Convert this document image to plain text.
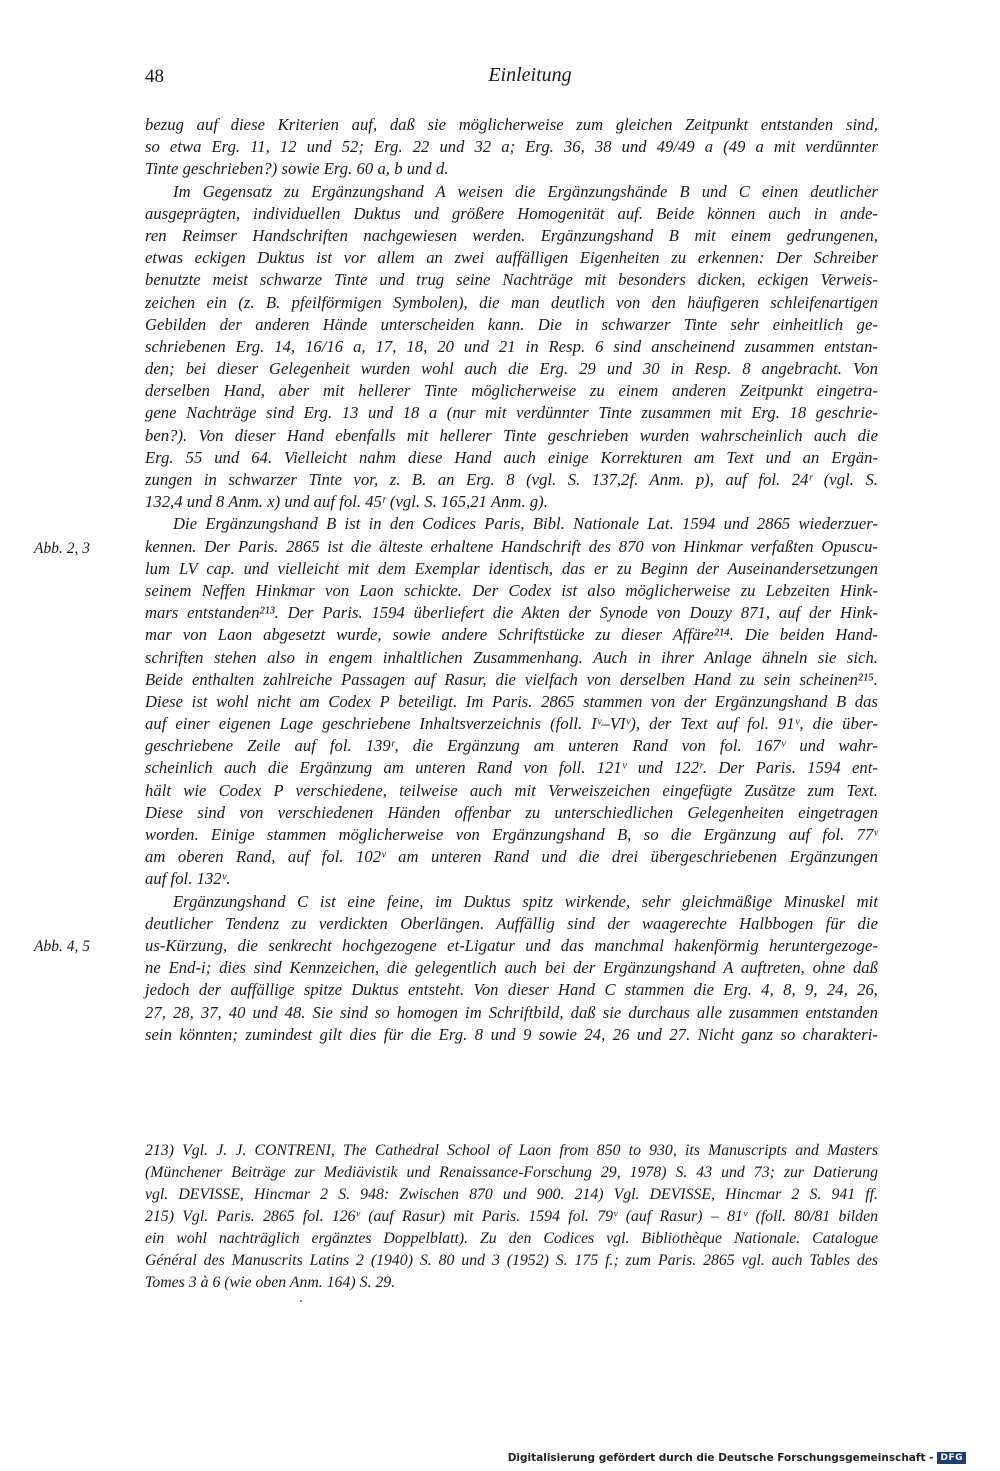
48	Einleitung
Abb. 2, 3
Abb. 4, 5
bezug auf diese Kriterien auf, daß sie möglicherweise zum gleichen Zeitpunkt entstanden sind,
so etwa Erg. 11, 12 und 52; Erg. 22 und 32 a; Erg. 36, 38 und 49/49 a (49 a mit verdünnter
Tinte geschrieben?) sowie Erg. 60 a, b und d.
Im Gegensatz zu Ergänzungshand A weisen die Ergänzungshände B und C einen deutlicher
ausgeprägten, individuellen Duktus und größere Homogenität auf. Beide können auch in ande-
ren Reimser Handschriften nachgewiesen werden. Ergänzungshand B mit einem gedrungenen,
etwas eckigen Duktus ist vor allem an zwei auffälligen Eigenheiten zu erkennen: Der Schreiber
benutzte meist schwarze Tinte und trug seine Nachträge mit besonders dicken, eckigen Verweis-
zeichen ein (z. B. pfeilförmigen Symbolen), die man deutlich von den häufigeren schleifenartigen
Gebilden der anderen Hände unterscheiden kann. Die in schwarzer Tinte sehr einheitlich ge-
schriebenen Erg. 14, 16/16 a, 17, 18, 20 und 21 in Resp. 6 sind anscheinend zusammen entstan-
den; bei dieser Gelegenheit wurden wohl auch die Erg. 29 und 30 in Resp. 8 angebracht. Von
derselben Hand, aber mit hellerer Tinte möglicherweise zu einem anderen Zeitpunkt eingetra-
gene Nachträge sind Erg. 13 und 18 a (nur mit verdünnter Tinte zusammen mit Erg. 18 geschrie-
ben?). Von dieser Hand ebenfalls mit hellerer Tinte geschrieben wurden wahrscheinlich auch die
Erg. 55 und 64. Vielleicht nahm diese Hand auch einige Korrekturen am Text und an Ergän-
zungen in schwarzer Tinte vor, z. B. an Erg. 8 (vgl. S. 137,2f. Anm. p), auf fol. 24ʳ (vgl. S.
132,4 und 8 Anm. x) und auf fol. 45ʳ (vgl. S. 165,21 Anm. g).
Die Ergänzungshand B ist in den Codices Paris, Bibl. Nationale Lat. 1594 und 2865 wiederzuer-
kennen. Der Paris. 2865 ist die älteste erhaltene Handschrift des 870 von Hinkmar verfaßten Opuscu-
lum LV cap. und vielleicht mit dem Exemplar identisch, das er zu Beginn der Auseinandersetzungen
seinem Neffen Hinkmar von Laon schickte. Der Codex ist also möglicherweise zu Lebzeiten Hink-
mars entstanden²¹³. Der Paris. 1594 überliefert die Akten der Synode von Douzy 871, auf der Hink-
mar von Laon abgesetzt wurde, sowie andere Schriftstücke zu dieser Affäre²¹⁴. Die beiden Hand-
schriften stehen also in engem inhaltlichen Zusammenhang. Auch in ihrer Anlage ähneln sie sich.
Beide enthalten zahlreiche Passagen auf Rasur, die vielfach von derselben Hand zu sein scheinen²¹⁵.
Diese ist wohl nicht am Codex P beteiligt. Im Paris. 2865 stammen von der Ergänzungshand B das
auf einer eigenen Lage geschriebene Inhaltsverzeichnis (foll. Iᵛ–VIᵛ), der Text auf fol. 91ᵛ, die über-
geschriebene Zeile auf fol. 139ʳ, die Ergänzung am unteren Rand von fol. 167ᵛ und wahr-
scheinlich auch die Ergänzung am unteren Rand von foll. 121ᵛ und 122ʳ. Der Paris. 1594 ent-
hält wie Codex P verschiedene, teilweise auch mit Verweiszeichen eingefügte Zusätze zum Text.
Diese sind von verschiedenen Händen offenbar zu unterschiedlichen Gelegenheiten eingetragen
worden. Einige stammen möglicherweise von Ergänzungshand B, so die Ergänzung auf fol. 77ᵛ
am oberen Rand, auf fol. 102ᵛ am unteren Rand und die drei übergeschriebenen Ergänzungen
auf fol. 132ᵛ.
Ergänzungshand C ist eine feine, im Duktus spitz wirkende, sehr gleichmäßige Minuskel mit
deutlicher Tendenz zu verdickten Oberlängen. Auffällig sind der waagerechte Halbbogen für die
us-Kürzung, die senkrecht hochgezogene et-Ligatur und das manchmal hakenförmig heruntergezoge-
ne End-i; dies sind Kennzeichen, die gelegentlich auch bei der Ergänzungshand A auftreten, ohne daß
jedoch der auffällige spitze Duktus entsteht. Von dieser Hand C stammen die Erg. 4, 8, 9, 24, 26,
27, 28, 37, 40 und 48. Sie sind so homogen im Schriftbild, daß sie durchaus alle zusammen entstanden
sein könnten; zumindest gilt dies für die Erg. 8 und 9 sowie 24, 26 und 27. Nicht ganz so charakteri-
213) Vgl. J. J. CONTRENI, The Cathedral School of Laon from 850 to 930, its Manuscripts and Masters
(Münchener Beiträge zur Mediävistik und Renaissance-Forschung 29, 1978) S. 43 und 73; zur Datierung
vgl. DEVISSE, Hincmar 2 S. 948: Zwischen 870 und 900. 214) Vgl. DEVISSE, Hincmar 2 S. 941 ff.
215) Vgl. Paris. 2865 fol. 126ᵛ (auf Rasur) mit Paris. 1594 fol. 79ᵛ (auf Rasur) – 81ᵛ (foll. 80/81 bilden
ein wohl nachträglich ergänztes Doppelblatt). Zu den Codices vgl. Bibliothèque Nationale. Catalogue
Général des Manuscrits Latins 2 (1940) S. 80 und 3 (1952) S. 175 f.; zum Paris. 2865 vgl. auch Tables des
Tomes 3 à 6 (wie oben Anm. 164) S. 29.
Digitalisierung gefördert durch die Deutsche Forschungsgemeinschaft - DFG
